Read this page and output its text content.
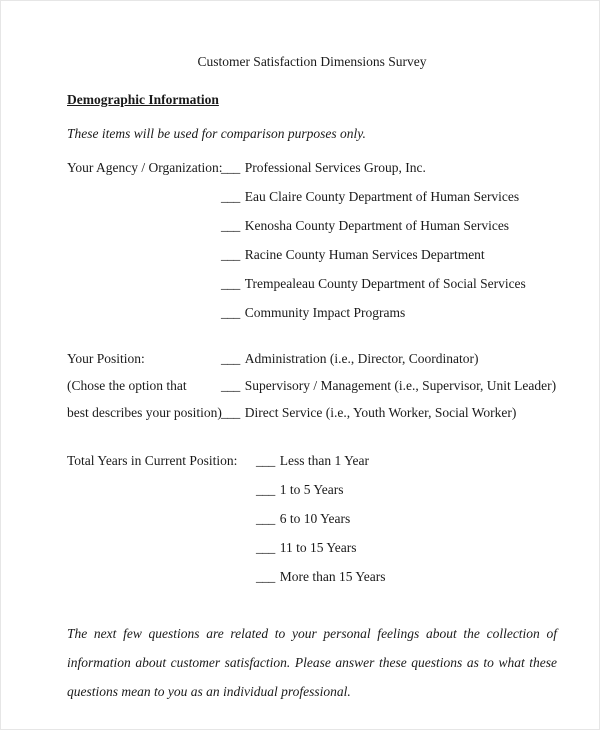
Customer Satisfaction Dimensions Survey
Demographic Information
These items will be used for comparison purposes only.
Your Agency / Organization:
___ Professional Services Group, Inc.
___ Eau Claire County Department of Human Services
___ Kenosha County Department of Human Services
___ Racine County Human Services Department
___ Trempealeau County Department of Social Services
___ Community Impact Programs
Your Position:	___ Administration (i.e., Director, Coordinator)
(Chose the option that	___ Supervisory / Management (i.e., Supervisor, Unit Leader)
best describes your position) ___ Direct Service (i.e., Youth Worker, Social Worker)
Total Years in Current Position:	___ Less than 1 Year
___ 1 to 5 Years
___ 6 to 10 Years
___ 11 to 15 Years
___ More than 15 Years
The next few questions are related to your personal feelings about the collection of information about customer satisfaction. Please answer these questions as to what these questions mean to you as an individual professional.
